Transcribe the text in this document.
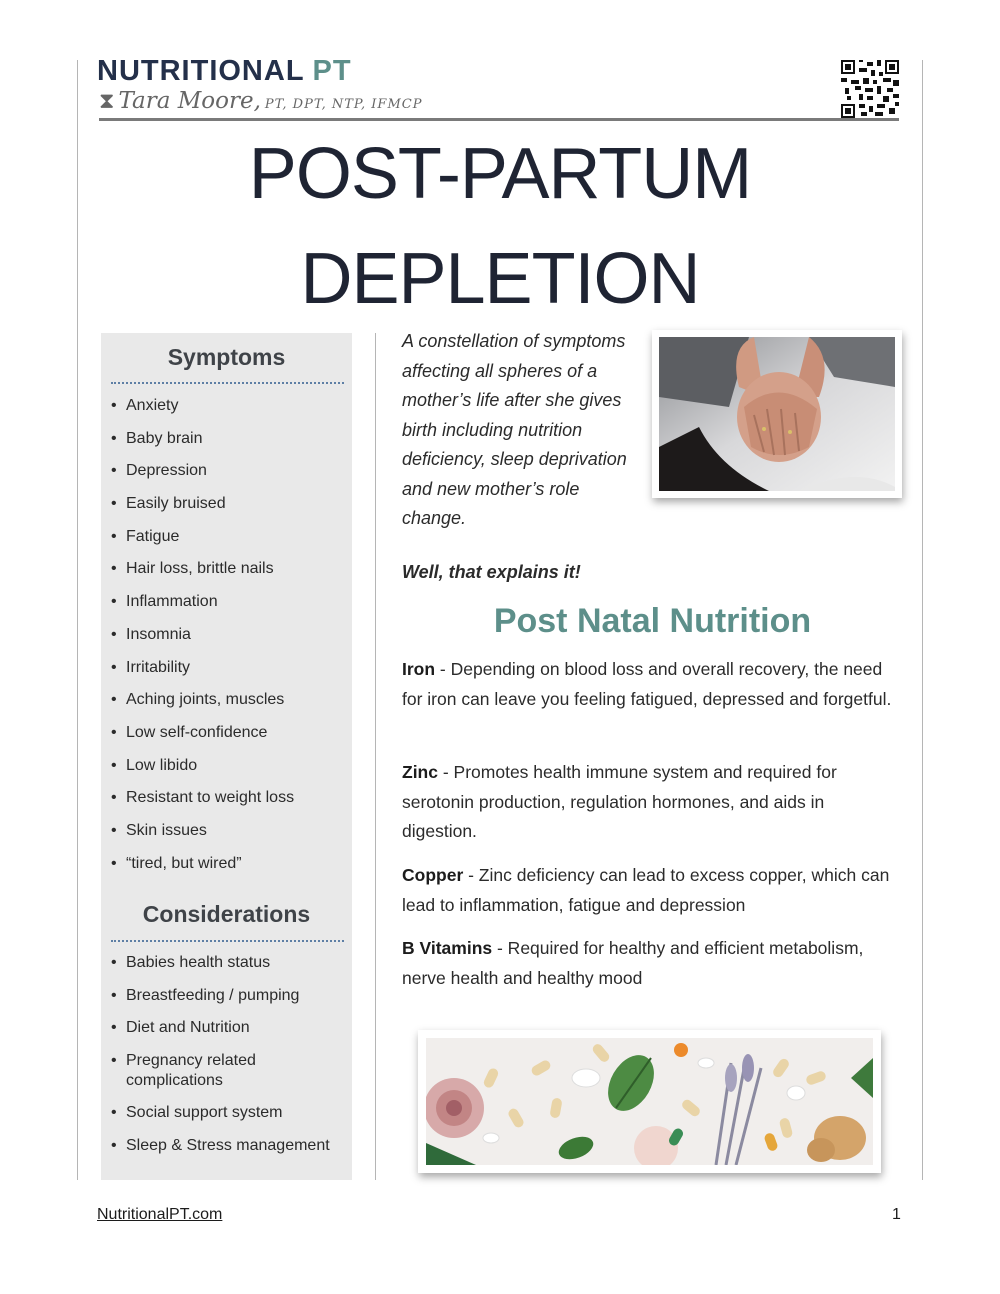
NUTRITIONAL PT
⧗ Tara Moore, PT, DPT, NTP, IFMCP
POST-PARTUM
DEPLETION
Symptoms
• Anxiety
• Baby brain
• Depression
• Easily bruised
• Fatigue
• Hair loss, brittle nails
• Inflammation
• Insomnia
• Irritability
• Aching joints, muscles
• Low self-confidence
• Low libido
• Resistant to weight loss
• Skin issues
• “tired, but wired”
Considerations
• Babies health status
• Breastfeeding / pumping
• Diet and Nutrition
• Pregnancy related complications
• Social support system
• Sleep & Stress management
A constellation of symptoms affecting all spheres of a mother’s life after she gives birth including nutrition deficiency, sleep deprivation and new mother’s role change.
Well, that explains it!
Post Natal Nutrition
Iron - Depending on blood loss and overall recovery, the need for iron can leave you feeling fatigued, depressed and forgetful.
Zinc - Promotes health immune system and required for serotonin production, regulation hormones, and aids in digestion.
Copper - Zinc deficiency can lead to excess copper, which can lead to inflammation, fatigue and depression
B Vitamins - Required for healthy and efficient metabolism, nerve health and healthy mood
NutritionalPT.com	1
